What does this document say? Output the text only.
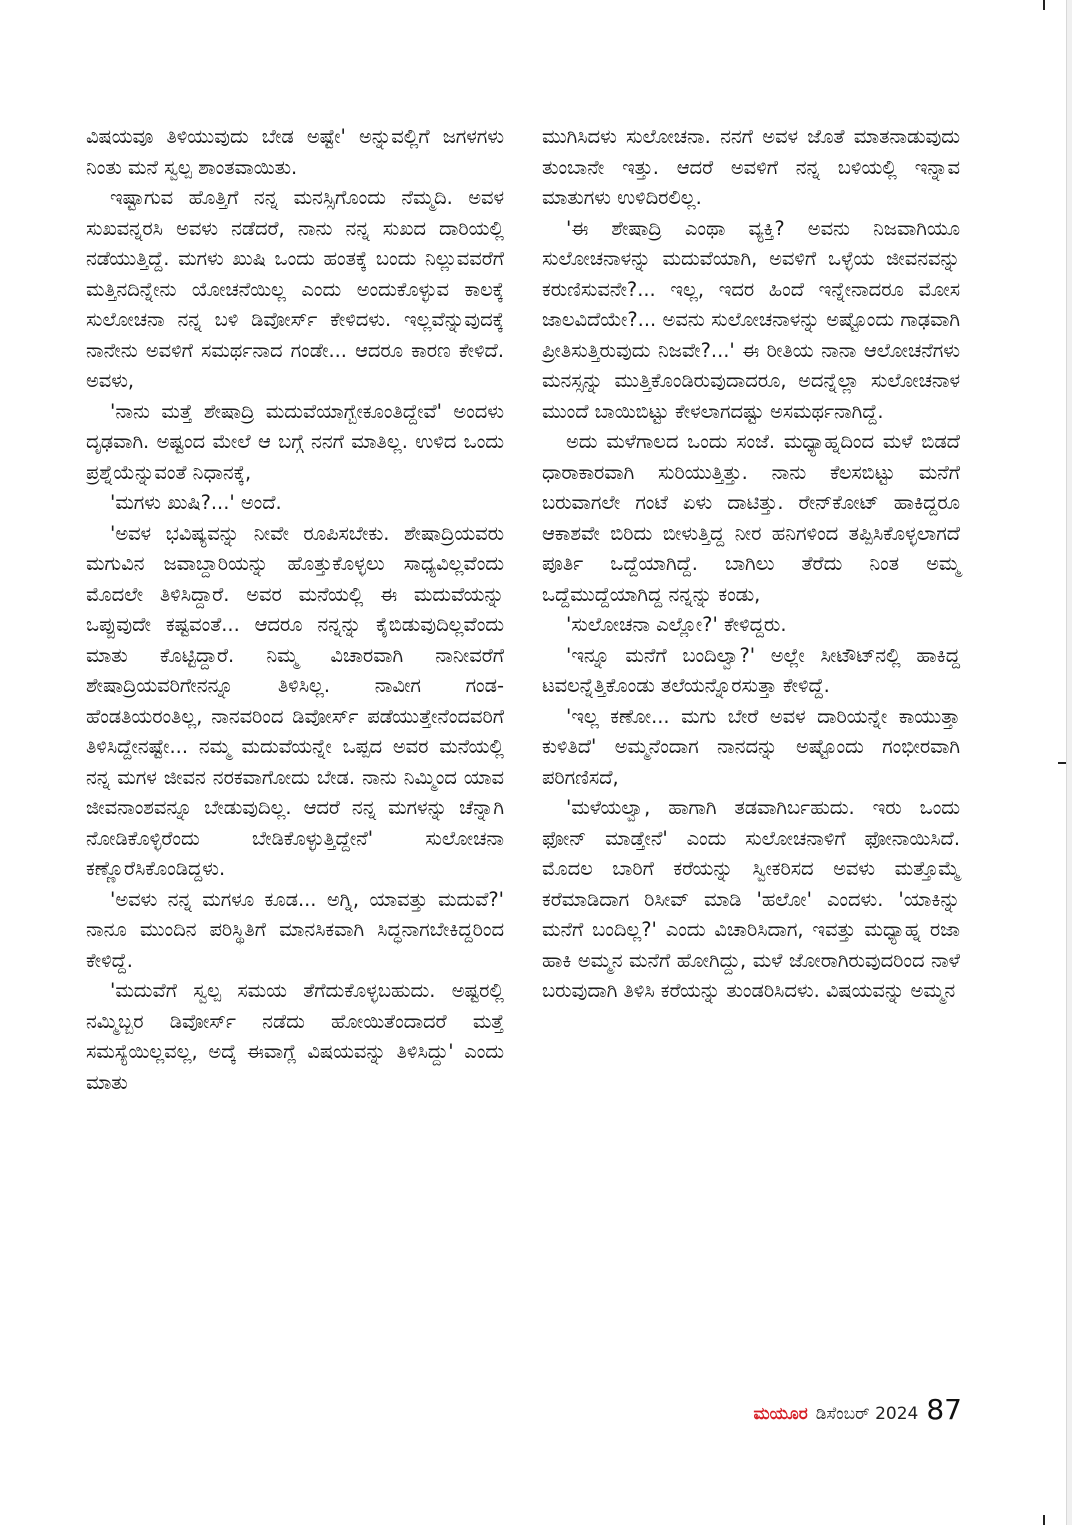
ವಿಷಯವೂ ತಿಳಿಯುವುದು ಬೇಡ ಅಷ್ಟೇ' ಅನ್ನುವಲ್ಲಿಗೆ ಜಗಳಗಳು ನಿಂತು ಮನೆ ಸ್ವಲ್ಪ ಶಾಂತವಾಯಿತು.

ಇಷ್ಟಾಗುವ ಹೊತ್ತಿಗೆ ನನ್ನ ಮನಸ್ಸಿಗೊಂದು ನೆಮ್ಮದಿ. ಅವಳ ಸುಖವನ್ನರಸಿ ಅವಳು ನಡೆದರೆ, ನಾನು ನನ್ನ ಸುಖದ ದಾರಿಯಲ್ಲಿ ನಡೆಯುತ್ತಿದ್ದೆ. ಮಗಳು ಖುಷಿ ಒಂದು ಹಂತಕ್ಕೆ ಬಂದು ನಿಲ್ಲುವವರೆಗೆ ಮತ್ತಿನದಿನ್ನೇನು ಯೋಚನೆಯಿಲ್ಲ ಎಂದು ಅಂದುಕೊಳ್ಳುವ ಕಾಲಕ್ಕೆ ಸುಲೋಚನಾ ನನ್ನ ಬಳಿ ಡಿವೋರ್ಸ್ ಕೇಳಿದಳು. ಇಲ್ಲವೆನ್ನುವುದಕ್ಕೆ ನಾನೇನು ಅವಳಿಗೆ ಸಮರ್ಥನಾದ ಗಂಡೇ... ಆದರೂ ಕಾರಣ ಕೇಳಿದೆ. ಅವಳು,

'ನಾನು ಮತ್ತೆ ಶೇಷಾದ್ರಿ ಮದುವೆಯಾಗ್ಬೇಕೂಂತಿದ್ದೇವೆ' ಅಂದಳು ದೃಢವಾಗಿ. ಅಷ್ಟಂದ ಮೇಲೆ ಆ ಬಗ್ಗೆ ನನಗೆ ಮಾತಿಲ್ಲ. ಉಳಿದ ಒಂದು ಪ್ರಶ್ನೆಯೆನ್ನುವಂತೆ ನಿಧಾನಕ್ಕೆ,

'ಮಗಳು ಖುಷಿ?...' ಅಂದೆ.

'ಅವಳ ಭವಿಷ್ಯವನ್ನು ನೀವೇ ರೂಪಿಸಬೇಕು. ಶೇಷಾದ್ರಿಯವರು ಮಗುವಿನ ಜವಾಬ್ದಾರಿಯನ್ನು ಹೊತ್ತುಕೊಳ್ಳಲು ಸಾಧ್ಯವಿಲ್ಲವೆಂದು ಮೊದಲೇ ತಿಳಿಸಿದ್ದಾರೆ. ಅವರ ಮನೆಯಲ್ಲಿ ಈ ಮದುವೆಯನ್ನು ಒಪ್ಪುವುದೇ ಕಷ್ಟವಂತೆ... ಆದರೂ ನನ್ನನ್ನು ಕೈಬಿಡುವುದಿಲ್ಲವೆಂದು ಮಾತು ಕೊಟ್ಟಿದ್ದಾರೆ. ನಿಮ್ಮ ವಿಚಾರವಾಗಿ ನಾನೀವರೆಗೆ ಶೇಷಾದ್ರಿಯವರಿಗೇನನ್ನೂ ತಿಳಿಸಿಲ್ಲ. ನಾವೀಗ ಗಂಡ-ಹೆಂಡತಿಯರಂತಿಲ್ಲ, ನಾನವರಿಂದ ಡಿವೋರ್ಸ್ ಪಡೆಯುತ್ತೇನೆಂದವರಿಗೆ ತಿಳಿಸಿದ್ದೇನಷ್ಟೇ... ನಮ್ಮ ಮದುವೆಯನ್ನೇ ಒಪ್ಪದ ಅವರ ಮನೆಯಲ್ಲಿ ನನ್ನ ಮಗಳ ಜೀವನ ನರಕವಾಗೋದು ಬೇಡ. ನಾನು ನಿಮ್ಮಿಂದ ಯಾವ ಜೀವನಾಂಶವನ್ನೂ ಬೇಡುವುದಿಲ್ಲ. ಆದರೆ ನನ್ನ ಮಗಳನ್ನು ಚೆನ್ನಾಗಿ ನೋಡಿಕೊಳ್ಳಿರೆಂದು ಬೇಡಿಕೊಳ್ಳುತ್ತಿದ್ದೇನೆ' ಸುಲೋಚನಾ ಕಣ್ಣೊರೆಸಿಕೊಂಡಿದ್ದಳು.

'ಅವಳು ನನ್ನ ಮಗಳೂ ಕೂಡ... ಅಗ್ನಿ, ಯಾವತ್ತು ಮದುವೆ?' ನಾನೂ ಮುಂದಿನ ಪರಿಸ್ಥಿತಿಗೆ ಮಾನಸಿಕವಾಗಿ ಸಿದ್ಧನಾಗಬೇಕಿದ್ದರಿಂದ ಕೇಳಿದ್ದೆ.

'ಮದುವೆಗೆ ಸ್ವಲ್ಪ ಸಮಯ ತೆಗೆದುಕೊಳ್ಳಬಹುದು. ಅಷ್ಟರಲ್ಲಿ ನಮ್ಮಿಬ್ಬರ ಡಿವೋರ್ಸ್ ನಡೆದು ಹೋಯಿತೆಂದಾದರೆ ಮತ್ತೆ ಸಮಸ್ಯೆಯಿಲ್ಲವಲ್ಲ, ಅದ್ಕೆ ಈವಾಗ್ಲೆ ವಿಷಯವನ್ನು ತಿಳಿಸಿದ್ದು' ಎಂದು ಮಾತು

ಮುಗಿಸಿದಳು ಸುಲೋಚನಾ. ನನಗೆ ಅವಳ ಜೊತೆ ಮಾತನಾಡುವುದು ತುಂಬಾನೇ ಇತ್ತು. ಆದರೆ ಅವಳಿಗೆ ನನ್ನ ಬಳಿಯಲ್ಲಿ ಇನ್ನಾವ ಮಾತುಗಳು ಉಳಿದಿರಲಿಲ್ಲ.

'ಈ ಶೇಷಾದ್ರಿ ಎಂಥಾ ವ್ಯಕ್ತಿ? ಅವನು ನಿಜವಾಗಿಯೂ ಸುಲೋಚನಾಳನ್ನು ಮದುವೆಯಾಗಿ, ಅವಳಿಗೆ ಒಳ್ಳೆಯ ಜೀವನವನ್ನು ಕರುಣಿಸುವನೇ?... ಇಲ್ಲ, ಇದರ ಹಿಂದೆ ಇನ್ನೇನಾದರೂ ಮೋಸ ಜಾಲವಿದೆಯೇ?... ಅವನು ಸುಲೋಚನಾಳನ್ನು ಅಷ್ಟೊಂದು ಗಾಢವಾಗಿ ಪ್ರೀತಿಸುತ್ತಿರುವುದು ನಿಜವೇ?...' ಈ ರೀತಿಯ ನಾನಾ ಆಲೋಚನೆಗಳು ಮನಸ್ಸನ್ನು ಮುತ್ತಿಕೊಂಡಿರುವುದಾದರೂ, ಅದನ್ನೆಲ್ಲಾ ಸುಲೋಚನಾಳ ಮುಂದೆ ಬಾಯಿಬಿಟ್ಟು ಕೇಳಲಾಗದಷ್ಟು ಅಸಮರ್ಥನಾಗಿದ್ದೆ.

ಅದು ಮಳೆಗಾಲದ ಒಂದು ಸಂಜೆ. ಮಧ್ಯಾಹ್ನದಿಂದ ಮಳೆ ಬಿಡದೆ ಧಾರಾಕಾರವಾಗಿ ಸುರಿಯುತ್ತಿತ್ತು. ನಾನು ಕೆಲಸಬಿಟ್ಟು ಮನೆಗೆ ಬರುವಾಗಲೇ ಗಂಟೆ ಏಳು ದಾಟಿತ್ತು. ರೇನ್‌ಕೋಟ್ ಹಾಕಿದ್ದರೂ ಆಕಾಶವೇ ಬಿರಿದು ಬೀಳುತ್ತಿದ್ದ ನೀರ ಹನಿಗಳಿಂದ ತಪ್ಪಿಸಿಕೊಳ್ಳಲಾಗದೆ ಪೂರ್ತಿ ಒದ್ದೆಯಾಗಿದ್ದೆ. ಬಾಗಿಲು ತೆರೆದು ನಿಂತ ಅಮ್ಮ ಒದ್ದೆಮುದ್ದೆಯಾಗಿದ್ದ ನನ್ನನ್ನು ಕಂಡು,

'ಸುಲೋಚನಾ ಎಲ್ಲೋ?' ಕೇಳಿದ್ದರು.

'ಇನ್ನೂ ಮನೆಗೆ ಬಂದಿಲ್ವಾ?' ಅಲ್ಲೇ ಸೀಟೌಟ್‌ನಲ್ಲಿ ಹಾಕಿದ್ದ ಟವಲನ್ನೆತ್ತಿಕೊಂಡು ತಲೆಯನ್ನೊರಸುತ್ತಾ ಕೇಳಿದ್ದೆ.

'ಇಲ್ಲ ಕಣೋ... ಮಗು ಬೇರೆ ಅವಳ ದಾರಿಯನ್ನೇ ಕಾಯುತ್ತಾ ಕುಳಿತಿದೆ' ಅಮ್ಮನೆಂದಾಗ ನಾನದನ್ನು ಅಷ್ಟೊಂದು ಗಂಭೀರವಾಗಿ ಪರಿಗಣಿಸದೆ,

'ಮಳೆಯಲ್ವಾ, ಹಾಗಾಗಿ ತಡವಾಗಿರ್ಬಹುದು. ಇರು ಒಂದು ಫೋನ್ ಮಾಡ್ತೇನೆ' ಎಂದು ಸುಲೋಚನಾಳಿಗೆ ಫೋನಾಯಿಸಿದೆ. ಮೊದಲ ಬಾರಿಗೆ ಕರೆಯನ್ನು ಸ್ವೀಕರಿಸದ ಅವಳು ಮತ್ತೊಮ್ಮೆ ಕರೆಮಾಡಿದಾಗ ರಿಸೀವ್ ಮಾಡಿ 'ಹಲೋ' ಎಂದಳು. 'ಯಾಕಿನ್ನು ಮನೆಗೆ ಬಂದಿಲ್ಲ?' ಎಂದು ವಿಚಾರಿಸಿದಾಗ, ಇವತ್ತು ಮಧ್ಯಾಹ್ನ ರಜಾ ಹಾಕಿ ಅಮ್ಮನ ಮನೆಗೆ ಹೋಗಿದ್ದು, ಮಳೆ ಜೋರಾಗಿರುವುದರಿಂದ ನಾಳೆ ಬರುವುದಾಗಿ ತಿಳಿಸಿ ಕರೆಯನ್ನು ತುಂಡರಿಸಿದಳು. ವಿಷಯವನ್ನು ಅಮ್ಮನ

ಮಯೂರ ಡಿಸೆಂಬರ್ 2024 87
